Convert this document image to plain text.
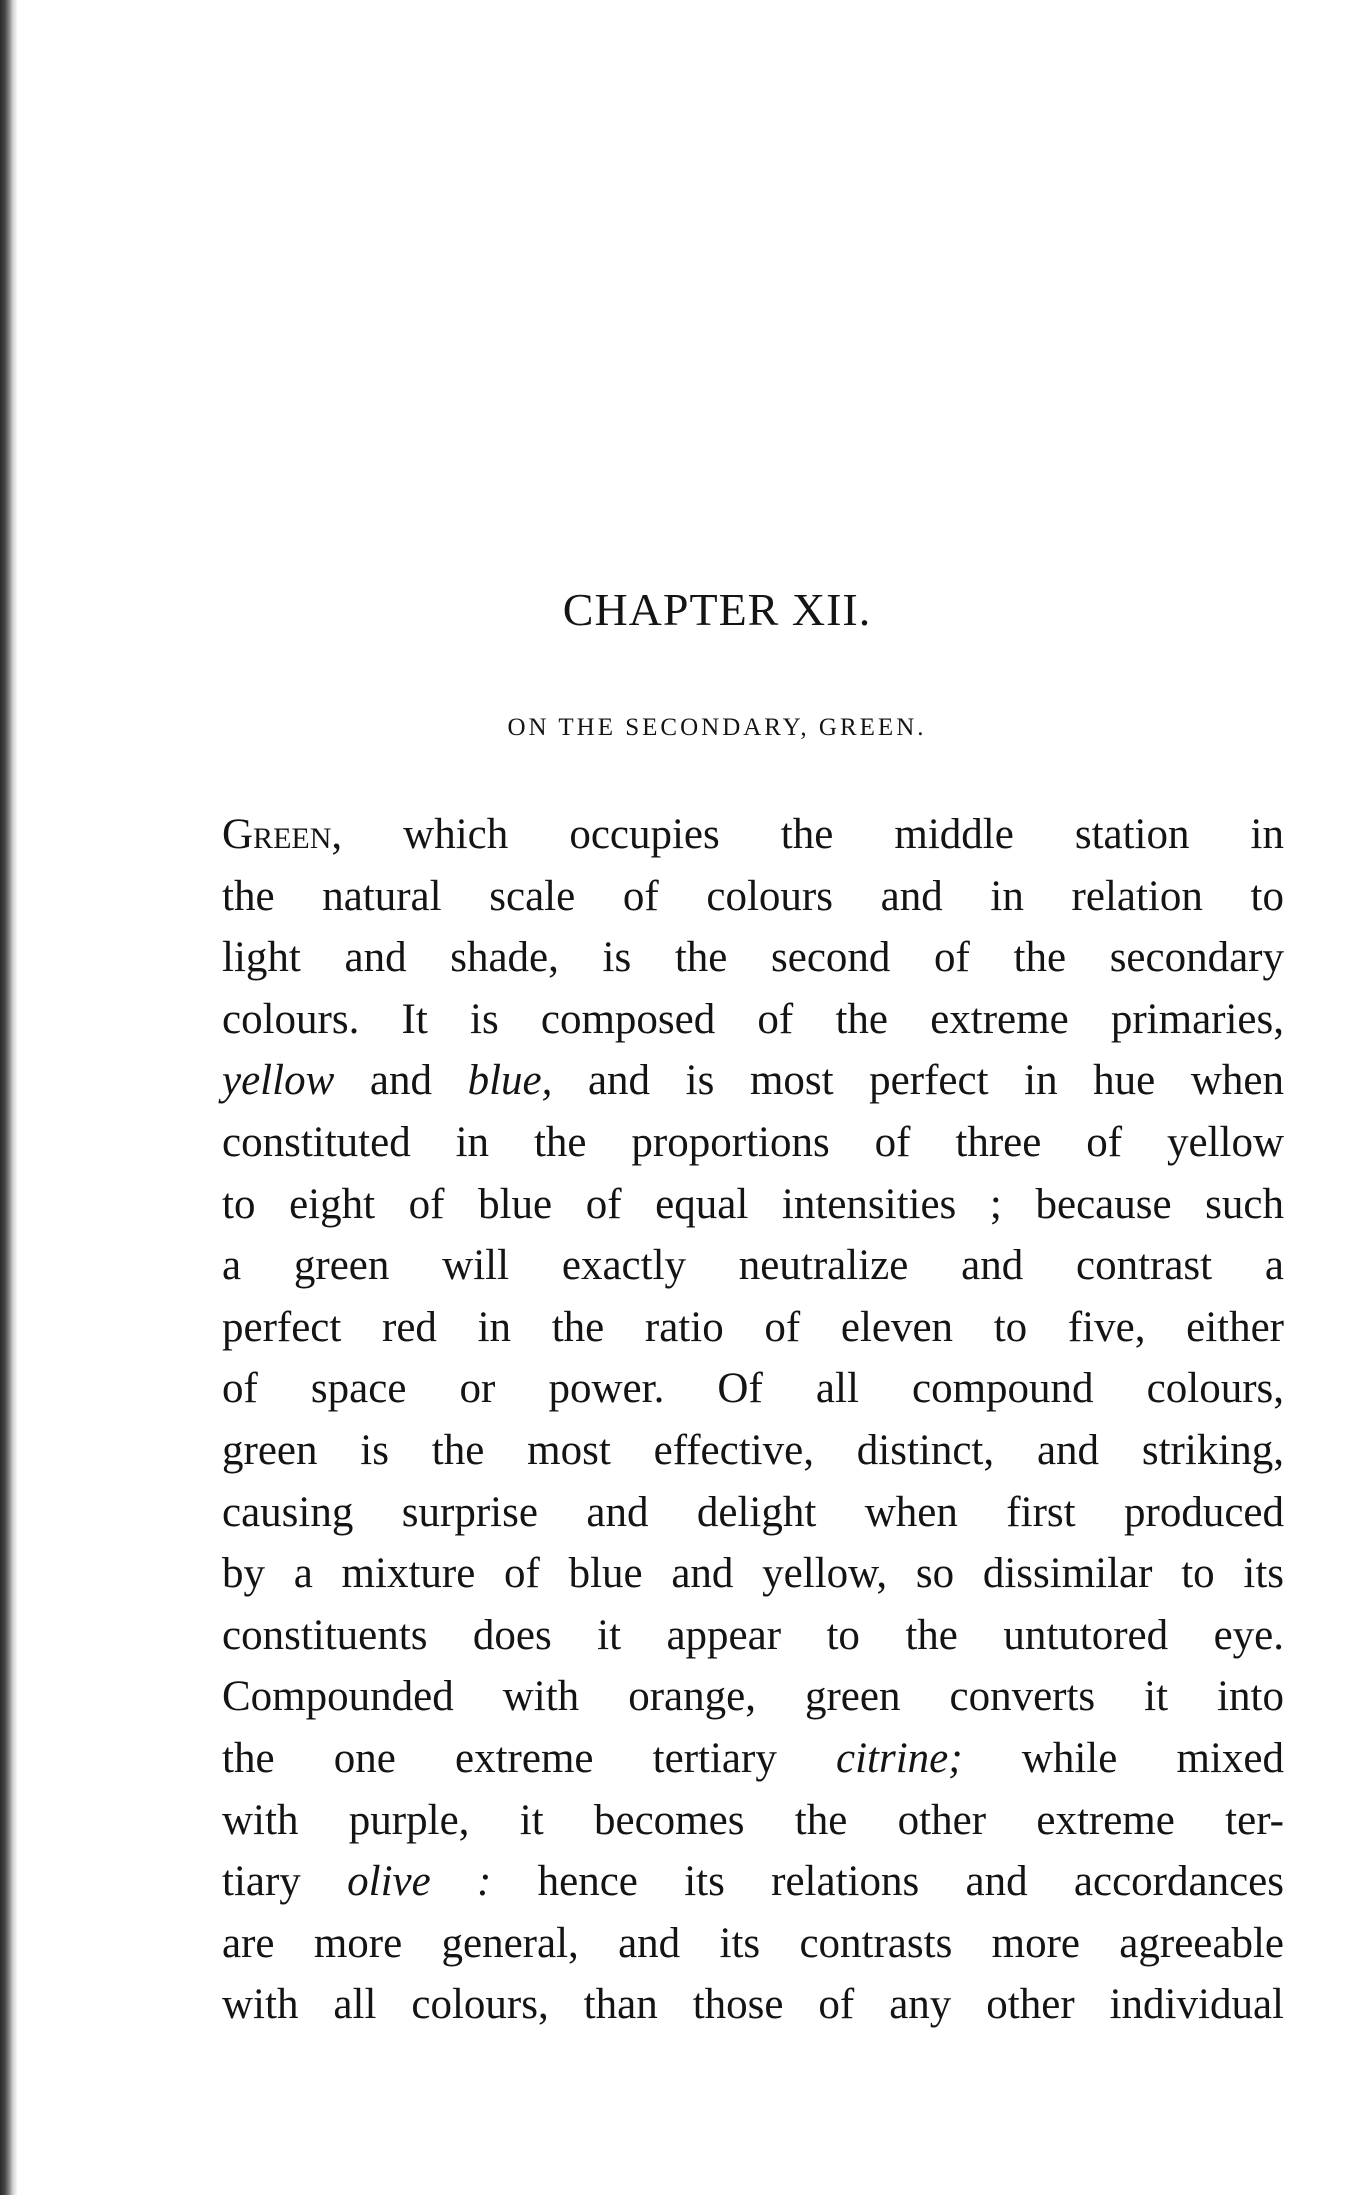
CHAPTER XII.
ON THE SECONDARY, GREEN.
Green, which occupies the middle station in
the natural scale of colours and in relation to
light and shade, is the second of the secondary
colours. It is composed of the extreme primaries,
yellow and blue, and is most perfect in hue when
constituted in the proportions of three of yellow
to eight of blue of equal intensities ; because such
a green will exactly neutralize and contrast a
perfect red in the ratio of eleven to five, either
of space or power. Of all compound colours,
green is the most effective, distinct, and striking,
causing surprise and delight when first produced
by a mixture of blue and yellow, so dissimilar to its
constituents does it appear to the untutored eye.
Compounded with orange, green converts it into
the one extreme tertiary citrine; while mixed
with purple, it becomes the other extreme ter-
tiary olive : hence its relations and accordances
are more general, and its contrasts more agreeable
with all colours, than those of any other individual
